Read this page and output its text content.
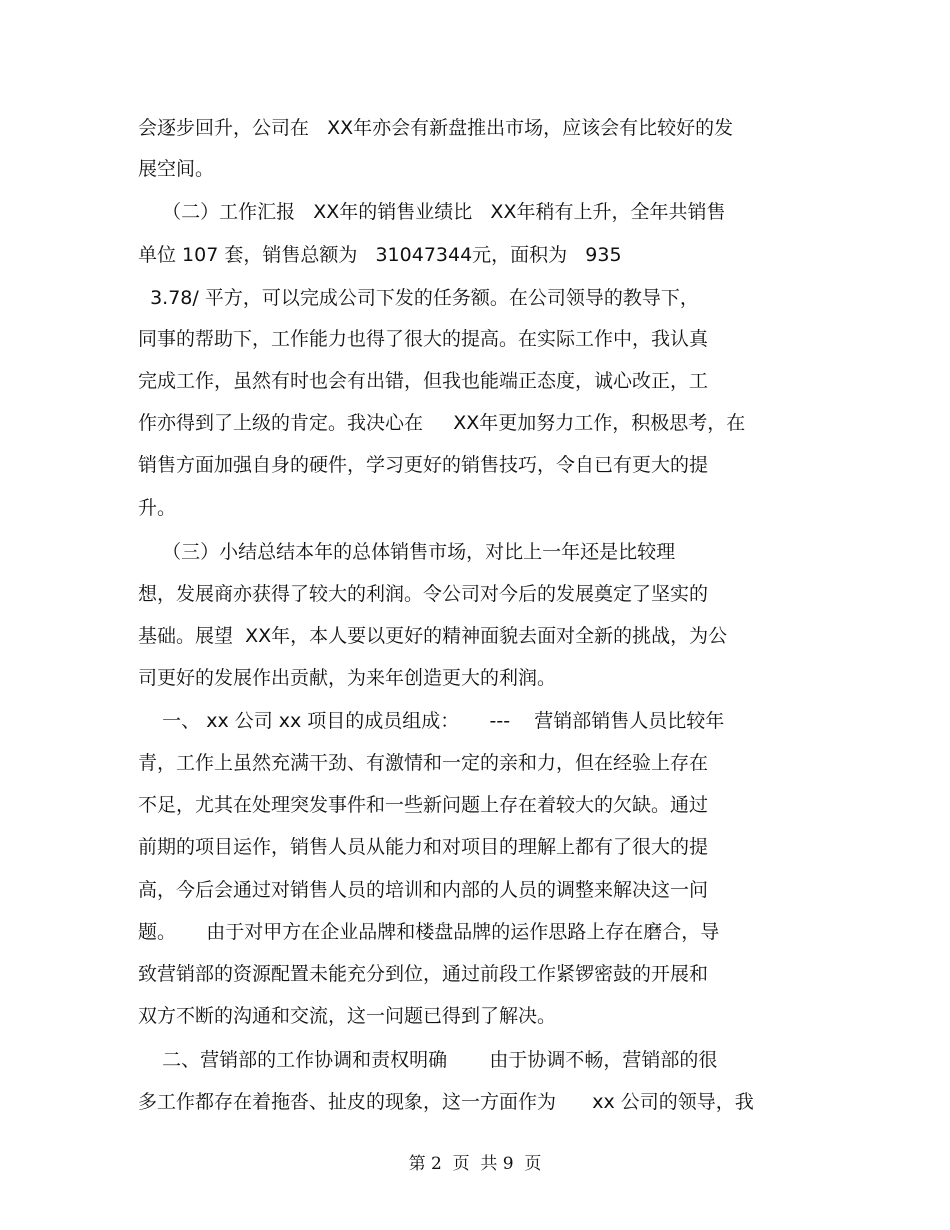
会逐步回升，公司在   XX年亦会有新盘推出市场，应该会有比较好的发

展空间。

（二）工作汇报   XX年的销售业绩比   XX年稍有上升，全年共销售

单位 107 套，销售总额为   31047344元，面积为   935

3.78/ 平方，可以完成公司下发的任务额。在公司领导的教导下，

同事的帮助下，工作能力也得了很大的提高。在实际工作中，我认真

完成工作，虽然有时也会有出错，但我也能端正态度，诚心改正，工

作亦得到了上级的肯定。我决心在     XX年更加努力工作，积极思考，在

销售方面加强自身的硬件，学习更好的销售技巧，令自已有更大的提

升。

（三）小结总结本年的总体销售市场，对比上一年还是比较理

想，发展商亦获得了较大的利润。令公司对今后的发展奠定了坚实的

基础。展望  XX年，本人要以更好的精神面貌去面对全新的挑战，为公

司更好的发展作出贡献，为来年创造更大的利润。

一、 xx 公司 xx 项目的成员组成：     ---    营销部销售人员比较年

青，工作上虽然充满干劲、有激情和一定的亲和力，但在经验上存在

不足，尤其在处理突发事件和一些新问题上存在着较大的欠缺。通过

前期的项目运作，销售人员从能力和对项目的理解上都有了很大的提

高，今后会通过对销售人员的培训和内部的人员的调整来解决这一问

题。     由于对甲方在企业品牌和楼盘品牌的运作思路上存在磨合，导

致营销部的资源配置未能充分到位，通过前段工作紧锣密鼓的开展和

双方不断的沟通和交流，这一问题已得到了解决。

二、营销部的工作协调和责权明确       由于协调不畅，营销部的很

多工作都存在着拖沓、扯皮的现象，这一方面作为      xx 公司的领导，我

第 2  页  共 9  页
